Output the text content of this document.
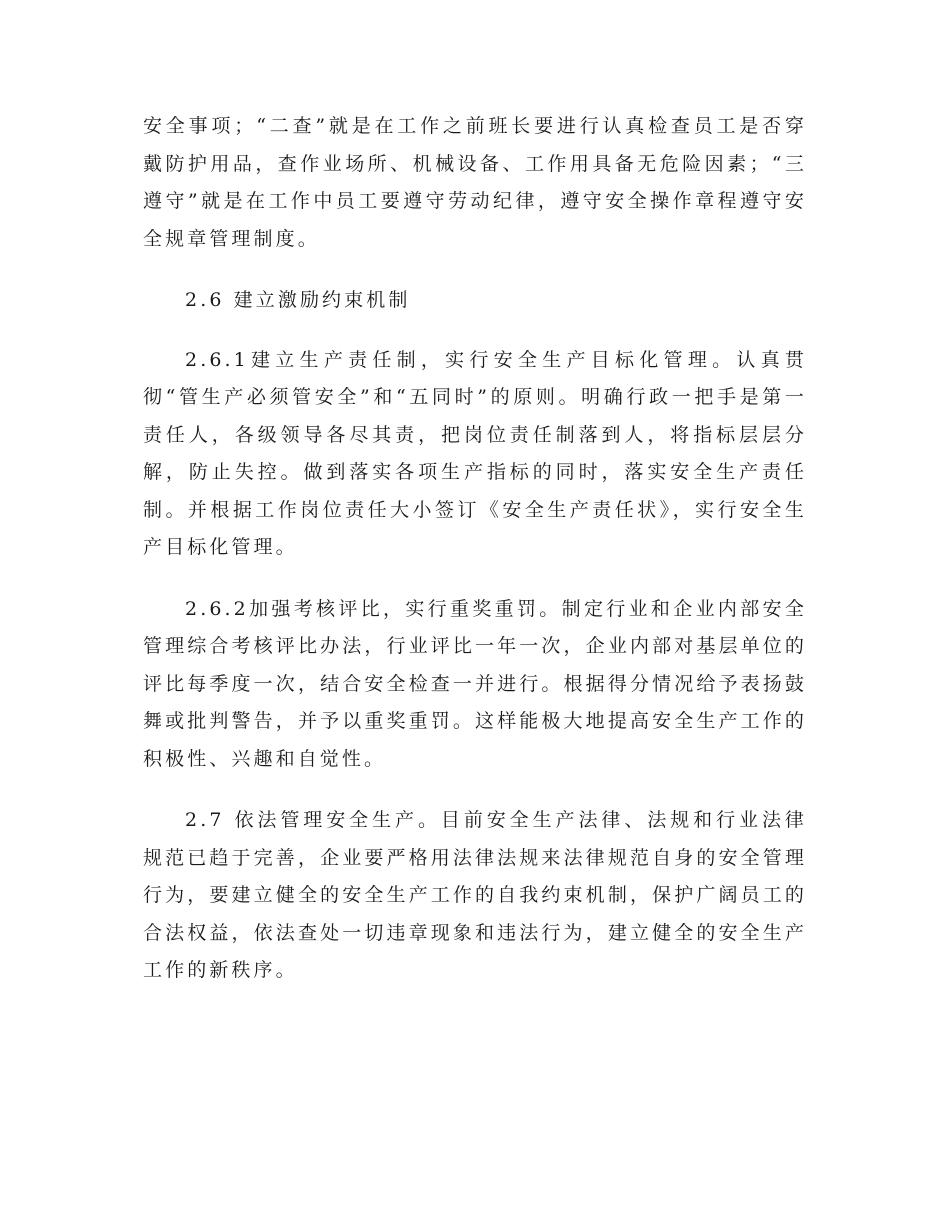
安全事项；“二查”就是在工作之前班长要进行认真检查员工是否穿戴防护用品，查作业场所、机械设备、工作用具备无危险因素；“三遵守”就是在工作中员工要遵守劳动纪律，遵守安全操作章程遵守安全规章管理制度。

2.6 建立激励约束机制

2.6.1建立生产责任制，实行安全生产目标化管理。认真贯彻“管生产必须管安全”和“五同时”的原则。明确行政一把手是第一责任人，各级领导各尽其责，把岗位责任制落到人，将指标层层分解，防止失控。做到落实各项生产指标的同时，落实安全生产责任制。并根据工作岗位责任大小签订《安全生产责任状》，实行安全生产目标化管理。

2.6.2加强考核评比，实行重奖重罚。制定行业和企业内部安全管理综合考核评比办法，行业评比一年一次，企业内部对基层单位的评比每季度一次，结合安全检查一并进行。根据得分情况给予表扬鼓舞或批判警告，并予以重奖重罚。这样能极大地提高安全生产工作的积极性、兴趣和自觉性。

2.7 依法管理安全生产。目前安全生产法律、法规和行业法律规范已趋于完善，企业要严格用法律法规来法律规范自身的安全管理行为，要建立健全的安全生产工作的自我约束机制，保护广阔员工的合法权益，依法查处一切违章现象和违法行为，建立健全的安全生产工作的新秩序。
